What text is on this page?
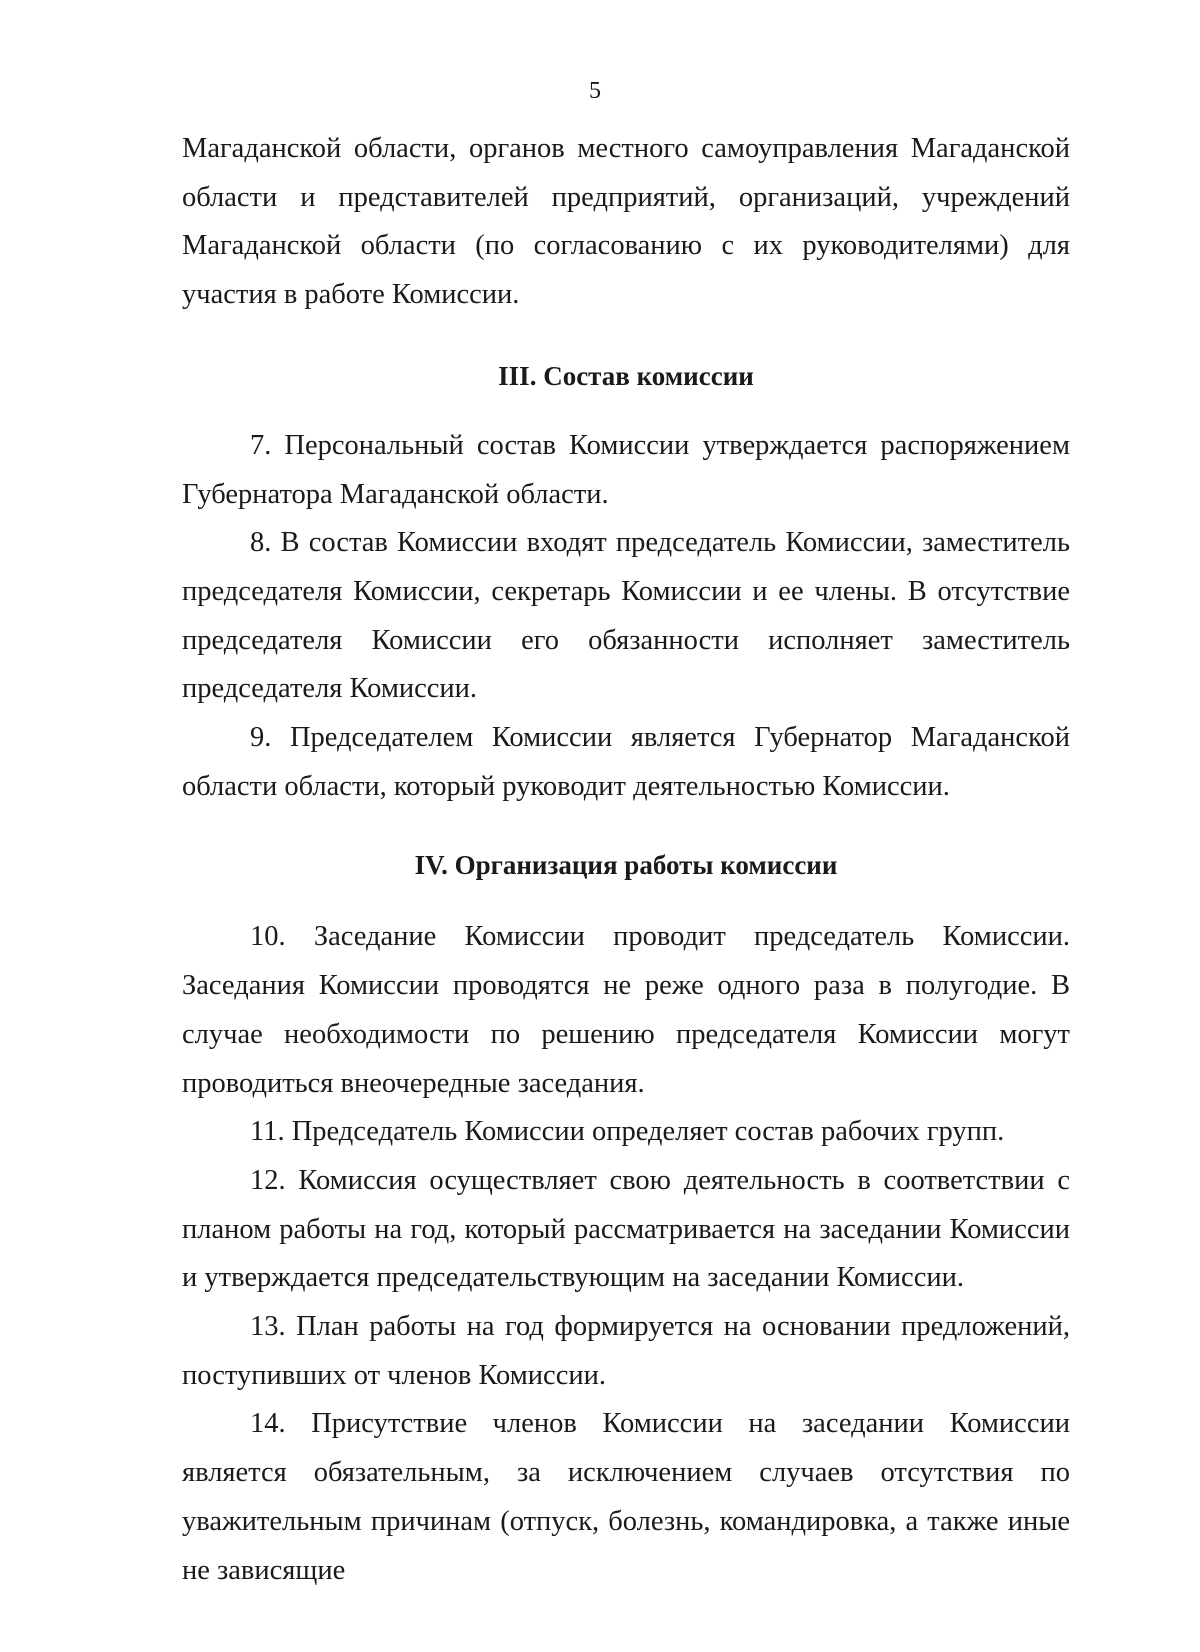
5

Магаданской области, органов местного самоуправления Магаданской области и представителей предприятий, организаций, учреждений Магаданской области (по согласованию с их руководителями) для участия в работе Комиссии.

III. Состав комиссии

7. Персональный состав Комиссии утверждается распоряжением Губернатора Магаданской области.

8. В состав Комиссии входят председатель Комиссии, заместитель председателя Комиссии, секретарь Комиссии и ее члены. В отсутствие председателя Комиссии его обязанности исполняет заместитель председателя Комиссии.

9. Председателем Комиссии является Губернатор Магаданской области области, который руководит деятельностью Комиссии.

IV. Организация работы комиссии

10. Заседание Комиссии проводит председатель Комиссии. Заседания Комиссии проводятся не реже одного раза в полугодие. В случае необходимости по решению председателя Комиссии могут проводиться внеочередные заседания.

11. Председатель Комиссии определяет состав рабочих групп.

12. Комиссия осуществляет свою деятельность в соответствии с планом работы на год, который рассматривается на заседании Комиссии и утверждается председательствующим на заседании Комиссии.

13. План работы на год формируется на основании предложений, поступивших от членов Комиссии.

14. Присутствие членов Комиссии на заседании Комиссии является обязательным, за исключением случаев отсутствия по уважительным причинам (отпуск, болезнь, командировка, а также иные не зависящие
